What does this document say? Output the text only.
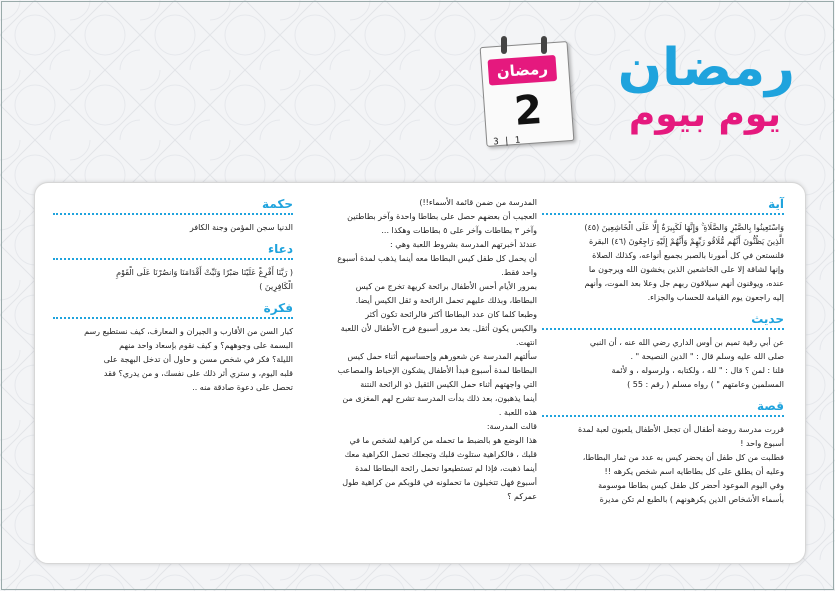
رمضان
يوم بيوم
رمضان
2
3 | 1
آية

وَاسْتَعِينُوا بِالصَّبْرِ وَالصَّلَاةِ ۚ وَإِنَّهَا لَكَبِيرَةٌ إِلَّا عَلَى الْخَاشِعِينَ (٤٥)

الَّذِينَ يَظُنُّونَ أَنَّهُم مُّلَاقُو رَبِّهِمْ وَأَنَّهُمْ إِلَيْهِ رَاجِعُونَ (٤٦) البقرة

فلنستعن في كل أمورنا بالصبر بجميع أنواعه، وكذلك الصلاة

وإنها لشاقة إلا على الخاشعين الذين يخشون الله ويرجون ما

عنده، ويوقنون أنهم سيلاقون ربهم جل وعلا بعد الموت، وأنهم

إليه راجعون يوم القيامة للحساب والجزاء.

حديث

عن أبي رقية تميم بن أوس الداري رضي الله عنه ، أن النبي

صلى الله عليه وسلم قال : " الدين النصيحة " .

قلنا : لمن ؟ قال : " لله ، ولكتابه ، ولرسوله ، و لأئمة

المسلمين وعامتهم " ) رواه مسلم ( رقم : 55 )

قصة

قررت مدرسة روضة أطفال أن تجعل الأطفال يلعبون لعبة لمدة

أسبوع واحد !

فطلبت من كل طفل أن يحضر كيس به عدد من ثمار البطاطا،

وعليه أن يطلق على كل بطاطايه اسم شخص يكرهه !!

وفي اليوم الموعود أحضر كل طفل كيس بطاطا موسومة

بأسماء الأشخاص الذين يكرهونهم ) بالطبع لم تكن مديرة

المدرسة من ضمن قائمة الأسماء!!)

العجيب أن بعضهم حصل على بطاطا واحدة وآخر بطاطتين

وآخر ٣ بطاطات وآخر على ٥ بطاطات وهكذا ...

عندئذ أخبرتهم المدرسة بشروط اللعبة وهي :

أن يحمل كل طفل كيس البطاطا معه أينما يذهب لمدة أسبوع

واحد فقط.

بمرور الأيام أحس الأطفال برائحة كريهة تخرج من كيس

البطاطا، وبذلك عليهم تحمل الرائحة و ثقل الكيس أيضا.

وطبعا كلما كان عدد البطاطا أكثر فالرائحة تكون أكثر

والكيس يكون أثقل. بعد مرور أسبوع فرح الأطفال لأن اللعبة

انتهت.

سألتهم المدرسة عن شعورهم وإحساسهم أثناء حمل كيس

البطاطا لمدة أسبوع فبدأ الأطفال يشكون الإحباط والمصاعب

التي واجهتهم أثناء حمل الكيس الثقيل ذو الرائحة النتنة

أينما يذهبون، بعد ذلك بدأت المدرسة تشرح لهم المغزى من

هذه اللعبة .

قالت المدرسة:

هذا الوضع هو بالضبط ما تحمله من كراهية لشخص ما في

قلبك ، فالكراهية ستلوث قلبك وتجعلك تحمل الكراهية معك

أينما ذهبت، فإذا لم تستطيعوا تحمل رائحة البطاطا لمدة

أسبوع فهل تتخيلون ما تحملونه في قلوبكم من كراهية طول

عمركم ؟

حكمة

الدنيا سجن المؤمن وجنة الكافر

دعاء

( رَبَّنَا أَفْرِغْ عَلَيْنَا صَبْرًا وَثَبِّتْ أَقْدَامَنَا وَانصُرْنَا عَلَى الْقَوْمِ

الْكَافِرِينَ )

فكرة

كبار السن من الأقارب و الجيران و المعارف، كيف نستطيع رسم

البسمة على وجوههم؟ و كيف نقوم بإسعاد واحد منهم

الليلة؟ فكر في شخص مسن و حاول أن تدخل البهجة على

قلبه اليوم، و ستري أثر ذلك على نفسك، و من يدري؟ فقد

تحصل على دعوة صادقة منه ..
